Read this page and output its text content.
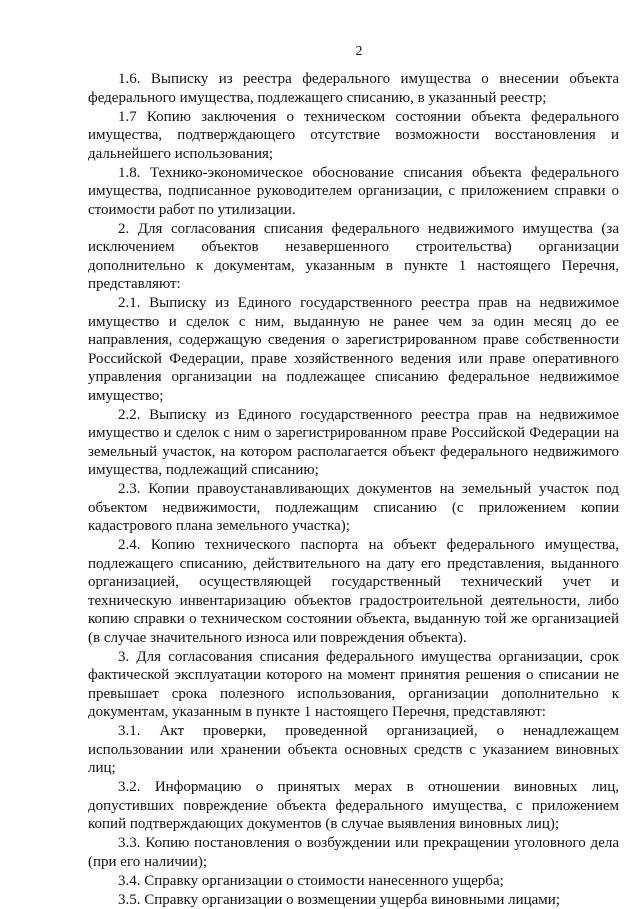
2

1.6. Выписку из реестра федерального имущества о внесении объекта федерального имущества, подлежащего списанию, в указанный реестр;

1.7 Копию заключения о техническом состоянии объекта федерального имущества, подтверждающего отсутствие возможности восстановления и дальнейшего использования;

1.8. Технико-экономическое обоснование списания объекта федерального имущества, подписанное руководителем организации, с приложением справки о стоимости работ по утилизации.

2. Для согласования списания федерального недвижимого имущества (за исключением объектов незавершенного строительства) организации дополнительно к документам, указанным в пункте 1 настоящего Перечня, представляют:

2.1. Выписку из Единого государственного реестра прав на недвижимое имущество и сделок с ним, выданную не ранее чем за один месяц до ее направления, содержащую сведения о зарегистрированном праве собственности Российской Федерации, праве хозяйственного ведения или праве оперативного управления организации на подлежащее списанию федеральное недвижимое имущество;

2.2. Выписку из Единого государственного реестра прав на недвижимое имущество и сделок с ним о зарегистрированном праве Российской Федерации на земельный участок, на котором располагается объект федерального недвижимого имущества, подлежащий списанию;

2.3. Копии правоустанавливающих документов на земельный участок под объектом недвижимости, подлежащим списанию (с приложением копии кадастрового плана земельного участка);

2.4. Копию технического паспорта на объект федерального имущества, подлежащего списанию, действительного на дату его представления, выданного организацией, осуществляющей государственный технический учет и техническую инвентаризацию объектов градостроительной деятельности, либо копию справки о техническом состоянии объекта, выданную той же организацией (в случае значительного износа или повреждения объекта).

3. Для согласования списания федерального имущества организации, срок фактической эксплуатации которого на момент принятия решения о списании не превышает срока полезного использования, организации дополнительно к документам, указанным в пункте 1 настоящего Перечня, представляют:

3.1. Акт проверки, проведенной организацией, о ненадлежащем использовании или хранении объекта основных средств с указанием виновных лиц;

3.2. Информацию о принятых мерах в отношении виновных лиц, допустивших повреждение объекта федерального имущества, с приложением копий подтверждающих документов (в случае выявления виновных лиц);

3.3. Копию постановления о возбуждении или прекращении уголовного дела (при его наличии);

3.4. Справку организации о стоимости нанесенного ущерба;

3.5. Справку организации о возмещении ущерба виновными лицами;
